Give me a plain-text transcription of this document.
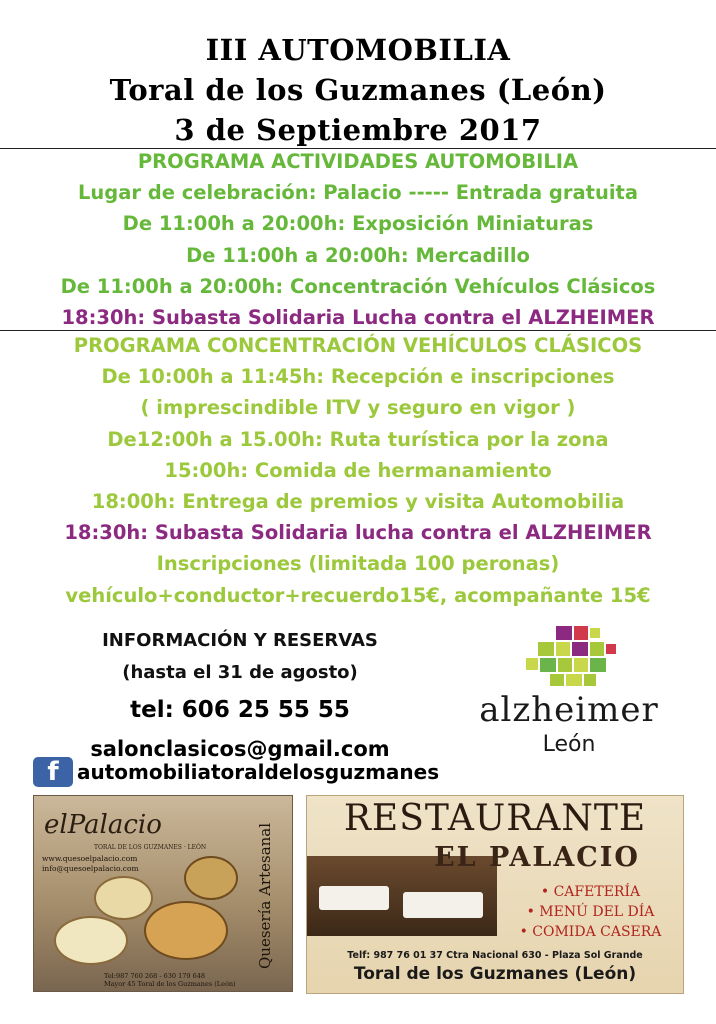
III AUTOMOBILIA
Toral de los Guzmanes (León)
3 de Septiembre 2017
PROGRAMA ACTIVIDADES AUTOMOBILIA
Lugar de celebración: Palacio ----- Entrada gratuita
De 11:00h a 20:00h: Exposición Miniaturas
De 11:00h a 20:00h: Mercadillo
De 11:00h a 20:00h: Concentración Vehículos Clásicos
18:30h: Subasta Solidaria Lucha contra el ALZHEIMER
PROGRAMA CONCENTRACIÓN VEHÍCULOS CLÁSICOS
De 10:00h a 11:45h: Recepción e inscripciones
( imprescindible ITV y seguro en vigor )
De12:00h a 15.00h: Ruta turística por la zona
15:00h: Comida de hermanamiento
18:00h: Entrega de premios y visita Automobilia
18:30h: Subasta Solidaria lucha contra el ALZHEIMER
Inscripciones (limitada 100 peronas)
vehículo+conductor+recuerdo15€, acompañante 15€
INFORMACIÓN Y RESERVAS
(hasta el 31 de agosto)
tel: 606 25 55 55
salonclasicos@gmail.com
f automobiliatoraldelosguzmanes
alzheimer
León
elPalacio
TORAL DE LOS GUZMANES · LEÓN
www.quesoelpalacio.com
info@quesoelpalacio.com	Quesería Artesanal
Tel:987 760 268 - 630 179 648
Mayor 45 Toral de los Guzmanes (León)
RESTAURANTE
EL PALACIO
• CAFETERÍA
• MENÚ DEL DÍA
• COMIDA CASERA
Telf: 987 76 01 37 Ctra Nacional 630 - Plaza Sol Grande
Toral de los Guzmanes (León)
